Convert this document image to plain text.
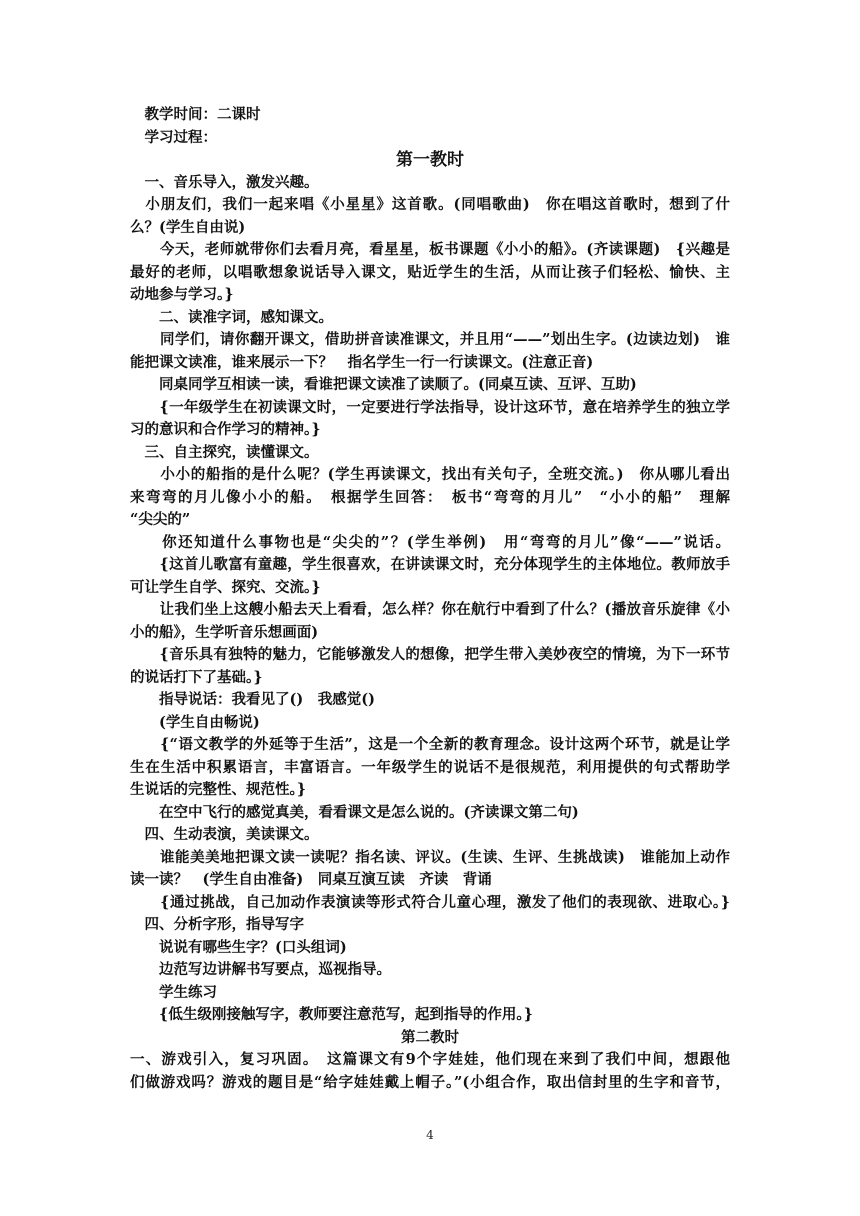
　教学时间：二课时
　学习过程：
第一教时
　一、音乐导入，激发兴趣。
　小朋友们，我们一起来唱《小星星》这首歌。(同唱歌曲)　你在唱这首歌时，想到了什
么？(学生自由说)
　　今天，老师就带你们去看月亮，看星星，板书课题《小小的船》。(齐读课题)　{兴趣是
最好的老师，以唱歌想象说话导入课文，贴近学生的生活，从而让孩子们轻松、愉快、主
动地参与学习。}
　　二、读准字词，感知课文。
　　同学们，请你翻开课文，借助拼音读准课文，并且用“——”划出生字。(边读边划)　谁
能把课文读准，谁来展示一下？　指名学生一行一行读课文。(注意正音)
　　同桌同学互相读一读，看谁把课文读准了读顺了。(同桌互读、互评、互助)
　　{一年级学生在初读课文时，一定要进行学法指导，设计这环节，意在培养学生的独立学
习的意识和合作学习的精神。}
　三、自主探究，读懂课文。
　　小小的船指的是什么呢？(学生再读课文，找出有关句子，全班交流。)　你从哪儿看出
来弯弯的月儿像小小的船。　根据学生回答：　板书“弯弯的月儿”　“小小的船”　理解
“尖尖的”
　　你还知道什么事物也是“尖尖的”？(学生举例)　用“弯弯的月儿”像“——”说话。
　　{这首儿歌富有童趣，学生很喜欢，在讲读课文时，充分体现学生的主体地位。教师放手
可让学生自学、探究、交流。}
　　让我们坐上这艘小船去天上看看，怎么样？你在航行中看到了什么？(播放音乐旋律《小
小的船》，生学听音乐想画面)
　　{音乐具有独特的魅力，它能够激发人的想像，把学生带入美妙夜空的情境，为下一环节
的说话打下了基础。}
　　指导说话：我看见了()　我感觉()
　　(学生自由畅说)
　　{“语文教学的外延等于生活”，这是一个全新的教育理念。设计这两个环节，就是让学
生在生活中积累语言，丰富语言。一年级学生的说话不是很规范，利用提供的句式帮助学
生说话的完整性、规范性。}
　　在空中飞行的感觉真美，看看课文是怎么说的。(齐读课文第二句)
　四、生动表演，美读课文。
　　谁能美美地把课文读一读呢？指名读、评议。(生读、生评、生挑战读)　谁能加上动作
读一读？　(学生自由准备)　同桌互演互读　齐读　背诵
　　{通过挑战，自己加动作表演读等形式符合儿童心理，激发了他们的表现欲、进取心。}
　四、分析字形，指导写字
　　说说有哪些生字？(口头组词)
　　边范写边讲解书写要点，巡视指导。
　　学生练习
　　{低生级刚接触写字，教师要注意范写，起到指导的作用。}
第二教时
一、游戏引入，复习巩固。　这篇课文有9个字娃娃，他们现在来到了我们中间，想跟他
们做游戏吗？游戏的题目是“给字娃娃戴上帽子。”(小组合作，取出信封里的生字和音节，
4
